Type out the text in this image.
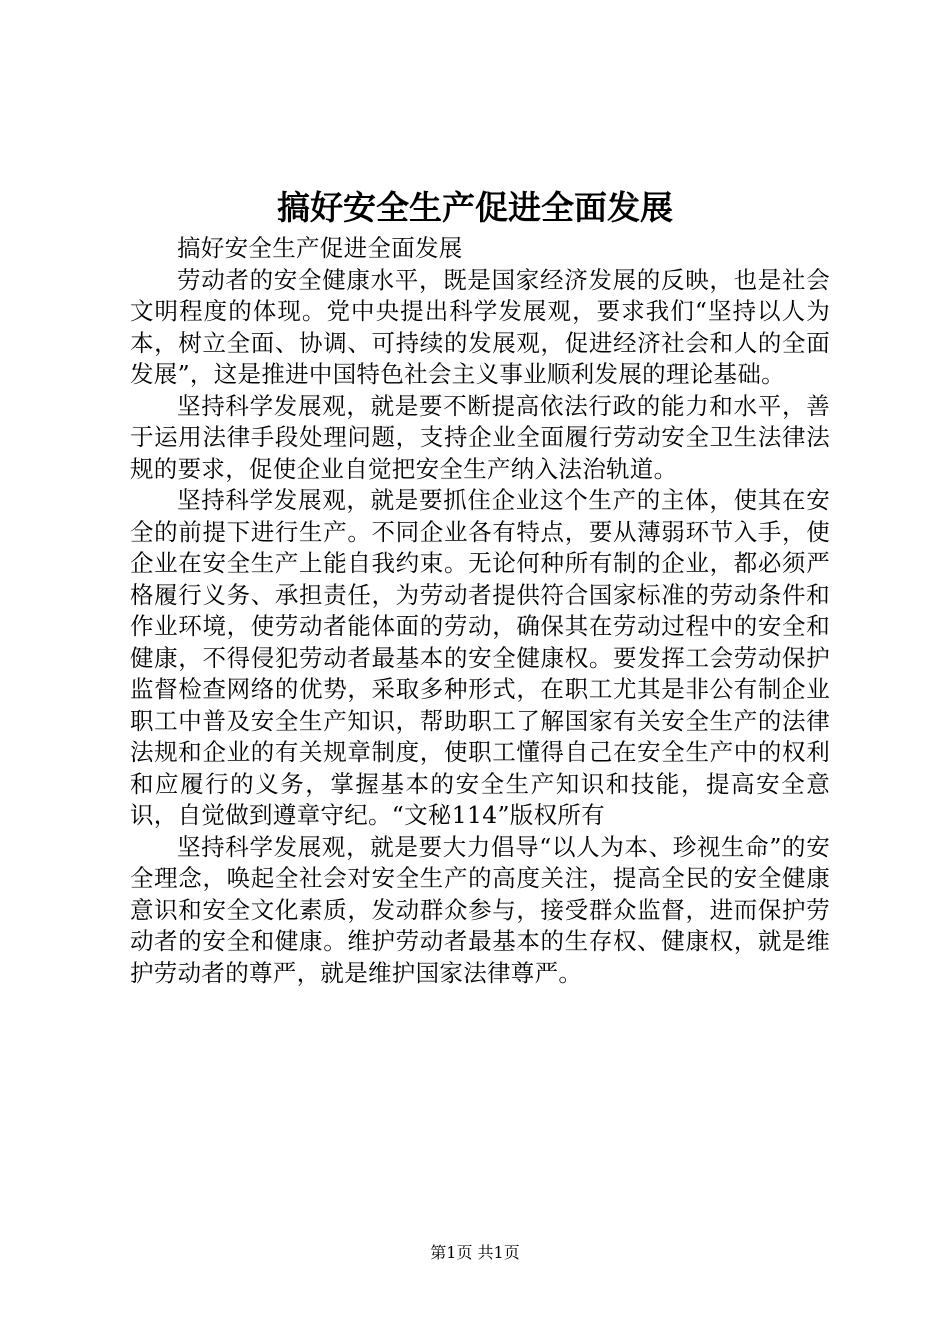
搞好安全生产促进全面发展

搞好安全生产促进全面发展

劳动者的安全健康水平，既是国家经济发展的反映，也是社会文明程度的体现。党中央提出科学发展观，要求我们“坚持以人为本，树立全面、协调、可持续的发展观，促进经济社会和人的全面发展”，这是推进中国特色社会主义事业顺利发展的理论基础。

坚持科学发展观，就是要不断提高依法行政的能力和水平，善于运用法律手段处理问题，支持企业全面履行劳动安全卫生法律法规的要求，促使企业自觉把安全生产纳入法治轨道。

坚持科学发展观，就是要抓住企业这个生产的主体，使其在安全的前提下进行生产。不同企业各有特点，要从薄弱环节入手，使企业在安全生产上能自我约束。无论何种所有制的企业，都必须严格履行义务、承担责任，为劳动者提供符合国家标准的劳动条件和作业环境，使劳动者能体面的劳动，确保其在劳动过程中的安全和健康，不得侵犯劳动者最基本的安全健康权。要发挥工会劳动保护监督检查网络的优势，采取多种形式，在职工尤其是非公有制企业职工中普及安全生产知识，帮助职工了解国家有关安全生产的法律法规和企业的有关规章制度，使职工懂得自己在安全生产中的权利和应履行的义务，掌握基本的安全生产知识和技能，提高安全意识，自觉做到遵章守纪。“文秘114”版权所有

坚持科学发展观，就是要大力倡导“以人为本、珍视生命”的安全理念，唤起全社会对安全生产的高度关注，提高全民的安全健康意识和安全文化素质，发动群众参与，接受群众监督，进而保护劳动者的安全和健康。维护劳动者最基本的生存权、健康权，就是维护劳动者的尊严，就是维护国家法律尊严。

第1页 共1页
